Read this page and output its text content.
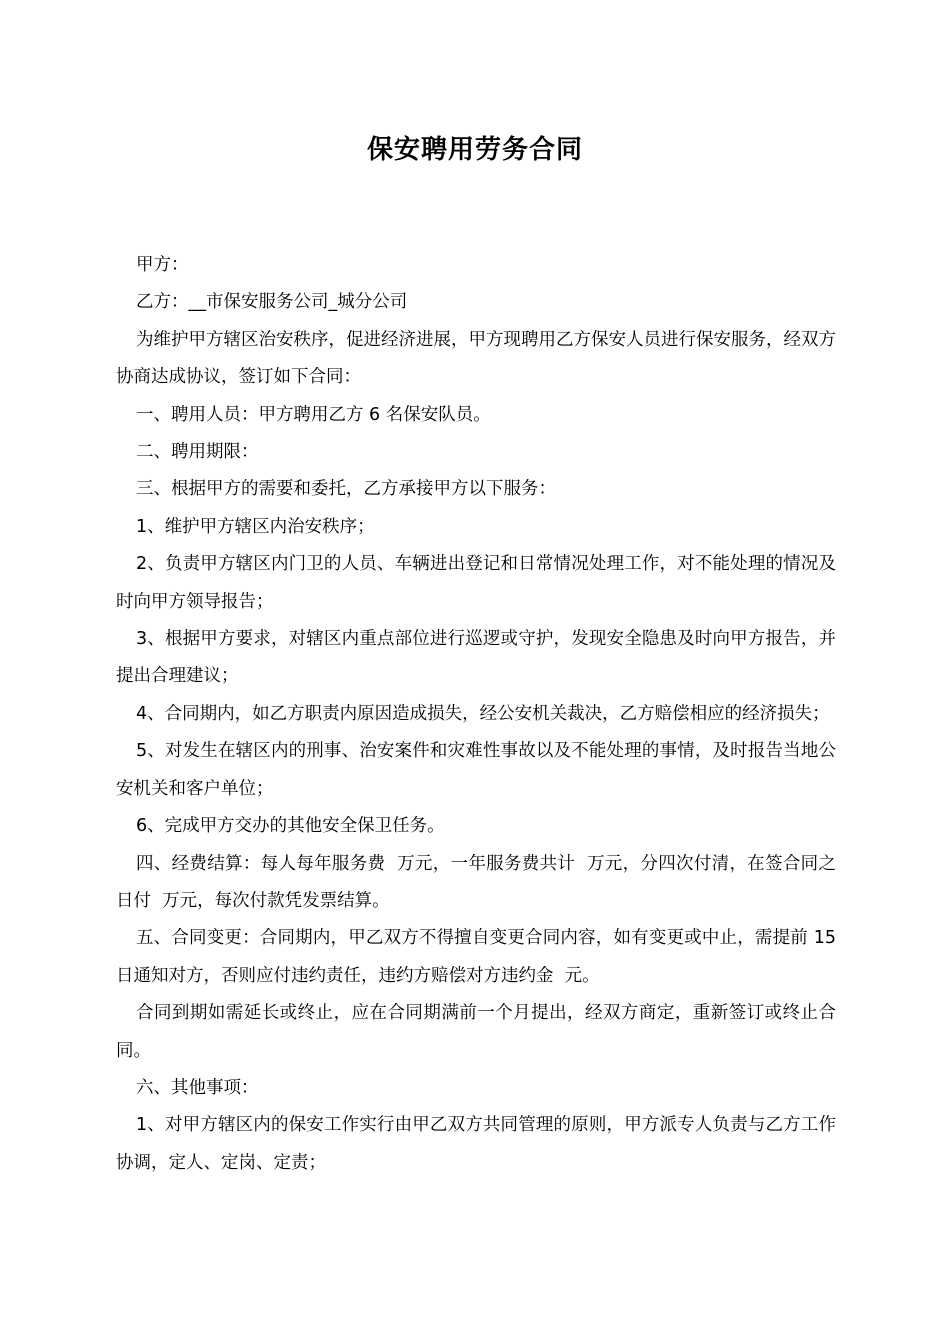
保安聘用劳务合同

甲方：

乙方：__市保安服务公司_城分公司

为维护甲方辖区治安秩序，促进经济进展，甲方现聘用乙方保安人员进行保安服务，经双方协商达成协议，签订如下合同：

一、聘用人员：甲方聘用乙方 6 名保安队员。

二、聘用期限：

三、根据甲方的需要和委托，乙方承接甲方以下服务：

1、维护甲方辖区内治安秩序；

2、负责甲方辖区内门卫的人员、车辆进出登记和日常情况处理工作，对不能处理的情况及时向甲方领导报告；

3、根据甲方要求，对辖区内重点部位进行巡逻或守护，发现安全隐患及时向甲方报告，并提出合理建议；

4、合同期内，如乙方职责内原因造成损失，经公安机关裁决，乙方赔偿相应的经济损失；

5、对发生在辖区内的刑事、治安案件和灾难性事故以及不能处理的事情，及时报告当地公安机关和客户单位；

6、完成甲方交办的其他安全保卫任务。

四、经费结算：每人每年服务费  万元，一年服务费共计  万元，分四次付清，在签合同之日付  万元，每次付款凭发票结算。

五、合同变更：合同期内，甲乙双方不得擅自变更合同内容，如有变更或中止，需提前 15 日通知对方，否则应付违约责任，违约方赔偿对方违约金  元。

合同到期如需延长或终止，应在合同期满前一个月提出，经双方商定，重新签订或终止合同。

六、其他事项：

1、对甲方辖区内的保安工作实行由甲乙双方共同管理的原则，甲方派专人负责与乙方工作协调，定人、定岗、定责；
